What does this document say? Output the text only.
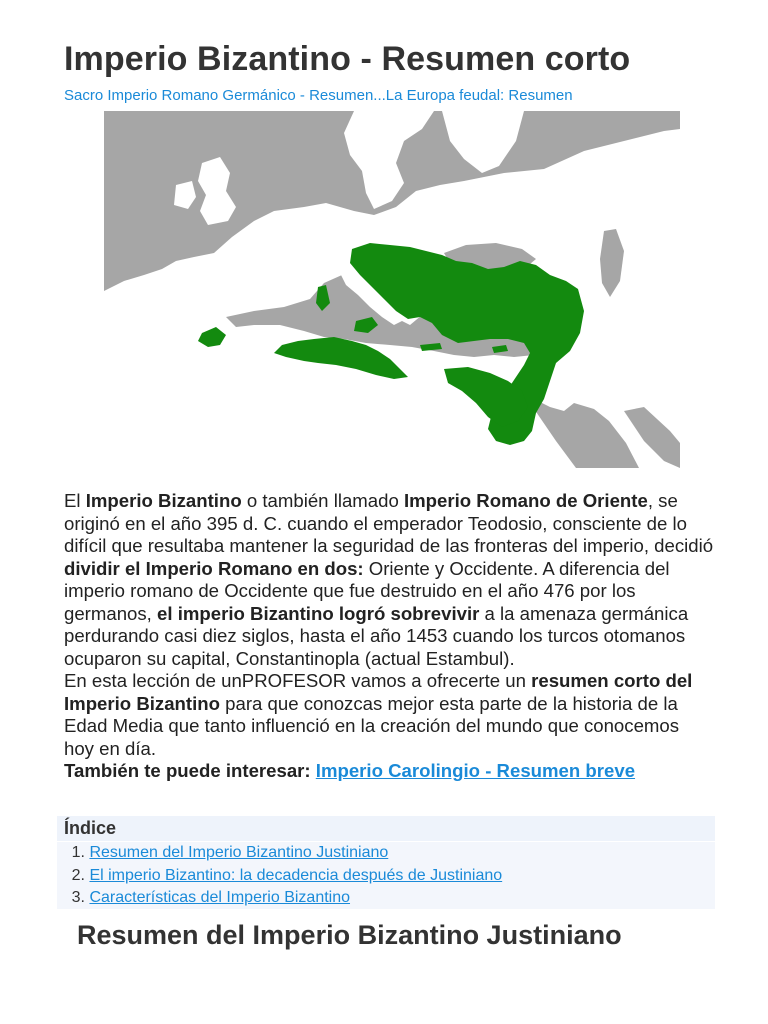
Imperio Bizantino - Resumen corto
Sacro Imperio Romano Germánico - Resumen...La Europa feudal: Resumen

El Imperio Bizantino o también llamado Imperio Romano de Oriente, se originó en el año 395 d. C. cuando el emperador Teodosio, consciente de lo difícil que resultaba mantener la seguridad de las fronteras del imperio, decidió dividir el Imperio Romano en dos: Oriente y Occidente. A diferencia del imperio romano de Occidente que fue destruido en el año 476 por los germanos, el imperio Bizantino logró sobrevivir a la amenaza germánica perdurando casi diez siglos, hasta el año 1453 cuando los turcos otomanos ocuparon su capital, Constantinopla (actual Estambul).

En esta lección de unPROFESOR vamos a ofrecerte un resumen corto del Imperio Bizantino para que conozcas mejor esta parte de la historia de la Edad Media que tanto influenció en la creación del mundo que conocemos hoy en día.

También te puede interesar: Imperio Carolingio - Resumen breve

Índice
1. Resumen del Imperio Bizantino Justiniano
2. El imperio Bizantino: la decadencia después de Justiniano
3. Características del Imperio Bizantino
Resumen del Imperio Bizantino Justiniano
